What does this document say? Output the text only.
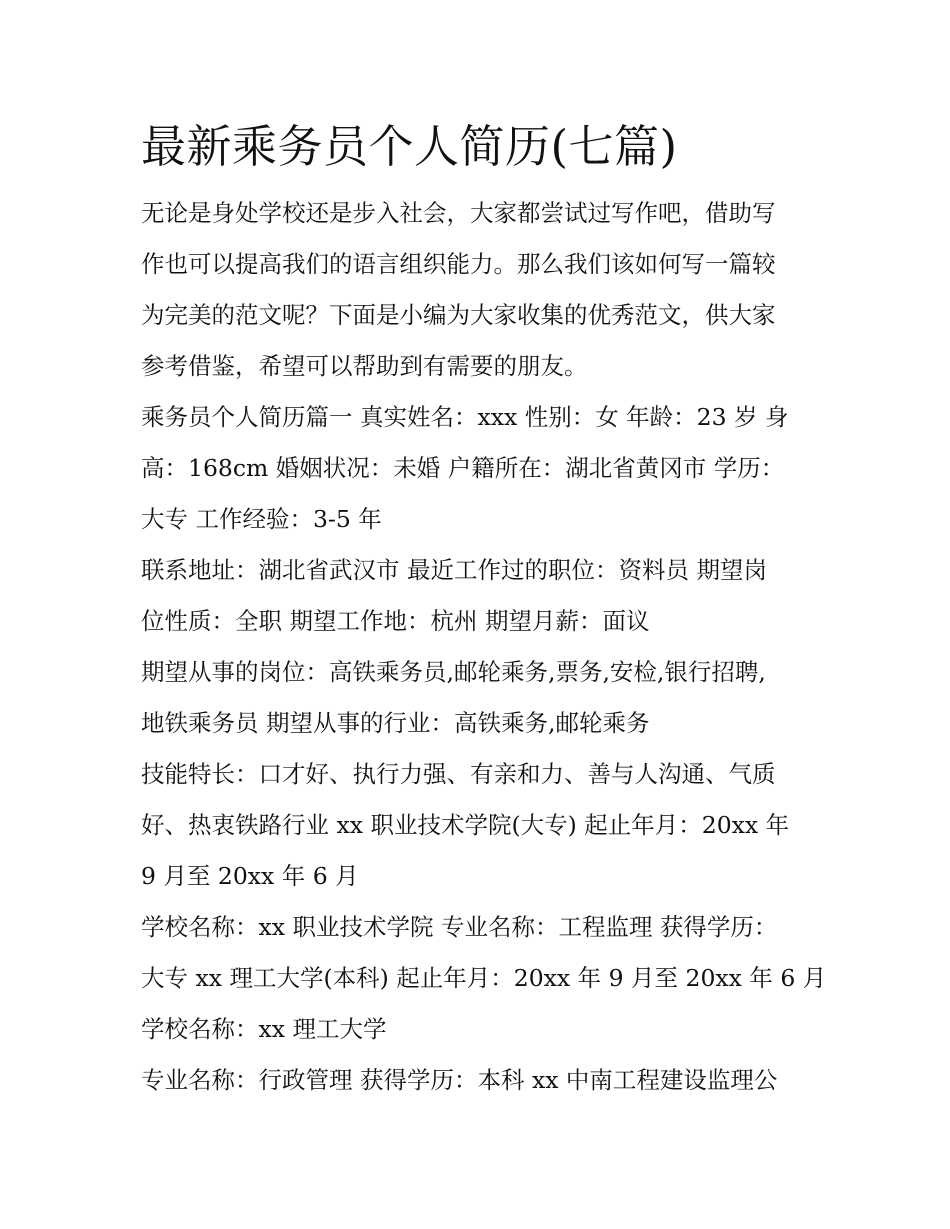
最新乘务员个人简历(七篇)

无论是身处学校还是步入社会，大家都尝试过写作吧，借助写
作也可以提高我们的语言组织能力。那么我们该如何写一篇较
为完美的范文呢？下面是小编为大家收集的优秀范文，供大家
参考借鉴，希望可以帮助到有需要的朋友。

乘务员个人简历篇一 真实姓名：xxx 性别：女 年龄：23 岁 身
高：168cm 婚姻状况：未婚 户籍所在：湖北省黄冈市 学历：
大专 工作经验：3-5 年

联系地址：湖北省武汉市 最近工作过的职位：资料员 期望岗
位性质：全职 期望工作地：杭州 期望月薪：面议

期望从事的岗位：高铁乘务员,邮轮乘务,票务,安检,银行招聘,
地铁乘务员 期望从事的行业：高铁乘务,邮轮乘务

技能特长：口才好、执行力强、有亲和力、善与人沟通、气质
好、热衷铁路行业 xx 职业技术学院(大专) 起止年月：20xx 年
9 月至 20xx 年 6 月

学校名称：xx 职业技术学院 专业名称：工程监理 获得学历：
大专 xx 理工大学(本科) 起止年月：20xx 年 9 月至 20xx 年 6 月

学校名称：xx 理工大学

专业名称：行政管理 获得学历：本科 xx 中南工程建设监理公
